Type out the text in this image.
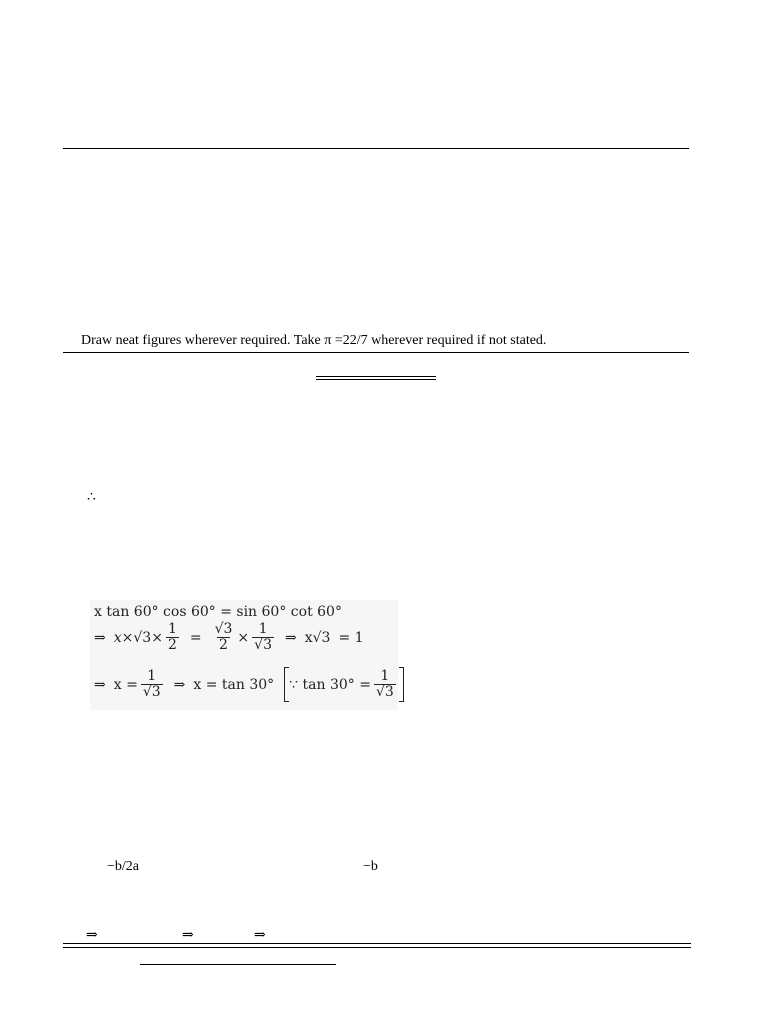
Draw neat figures wherever required. Take π =22/7 wherever required if not stated.
∴
x tan 60° cos 60° = sin 60° cot 60°
⇒ $x \times√3\times \frac{1}{2} = \frac{√3}{2} \times \frac{1}{√3}$ ⇒ x√3 = 1
⇒ $x = \frac{1}{√3}$ ⇒ x = tan 30° ∵ $\tan 30^\circ = \frac{1}{√3}$
−b/2a	−b
⇒	⇒	⇒
